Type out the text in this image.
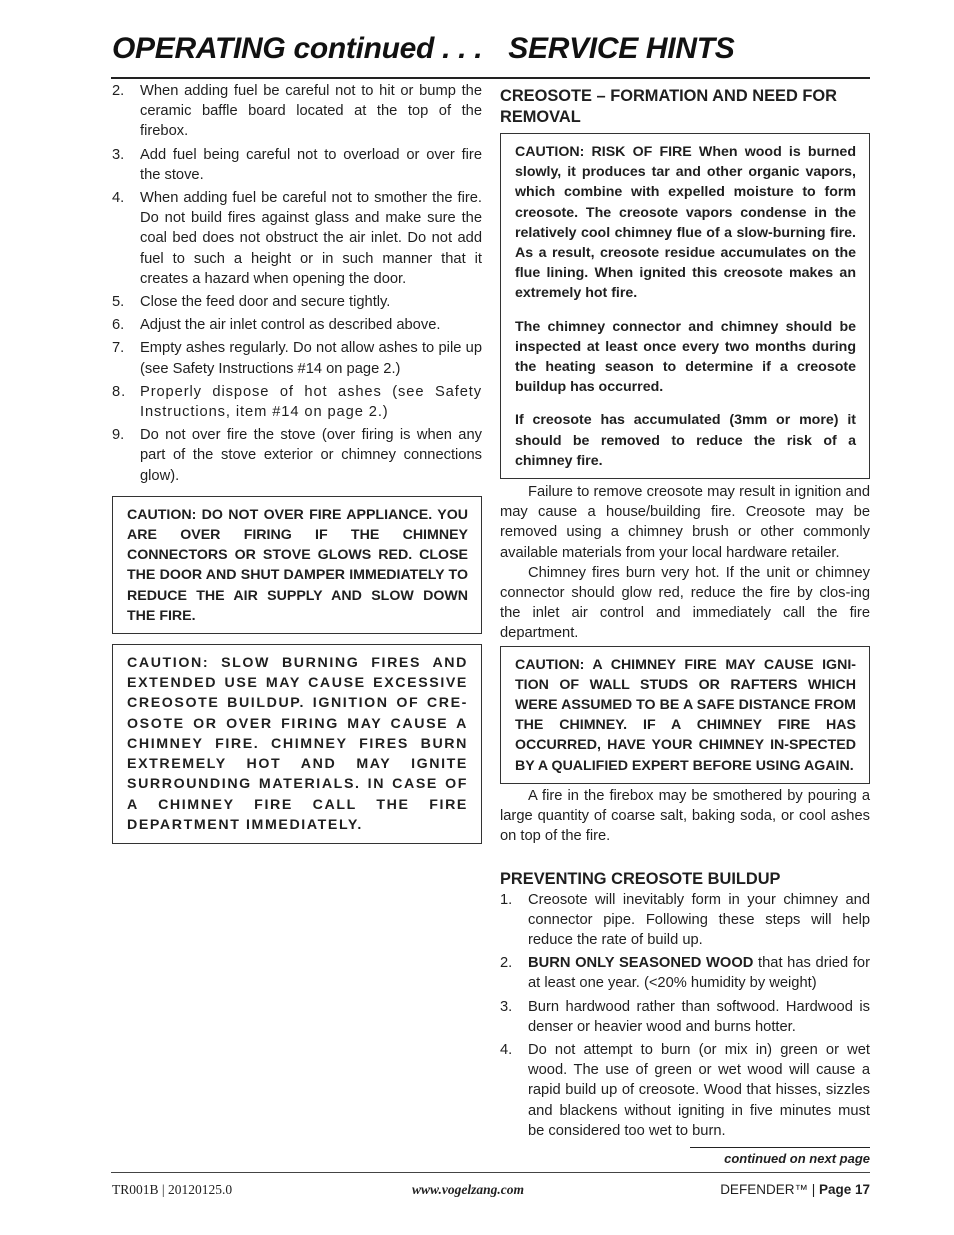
OPERATING continued . . . SERVICE HINTS
2. When adding fuel be careful not to hit or bump the ceramic baffle board located at the top of the firebox.
3. Add fuel being careful not to overload or over fire the stove.
4. When adding fuel be careful not to smother the fire. Do not build fires against glass and make sure the coal bed does not obstruct the air inlet. Do not add fuel to such a height or in such manner that it creates a hazard when opening the door.
5. Close the feed door and secure tightly.
6. Adjust the air inlet control as described above.
7. Empty ashes regularly. Do not allow ashes to pile up (see Safety Instructions #14 on page 2.)
8. Properly dispose of hot ashes (see Safety Instructions, item #14 on page 2.)
9. Do not over fire the stove (over firing is when any part of the stove exterior or chimney connections glow).

CAUTION: DO NOT OVER FIRE APPLIANCE. YOU ARE OVER FIRING IF THE CHIMNEY CONNECTORS OR STOVE GLOWS RED. CLOSE THE DOOR AND SHUT DAMPER IMMEDIATELY TO REDUCE THE AIR SUPPLY AND SLOW DOWN THE FIRE.

CAUTION: SLOW BURNING FIRES AND EXTENDED USE MAY CAUSE EXCESSIVE CREOSOTE BUILDUP. IGNITION OF CRE-OSOTE OR OVER FIRING MAY CAUSE A CHIMNEY FIRE. CHIMNEY FIRES BURN EXTREMELY HOT AND MAY IGNITE SURROUNDING MATERIALS. IN CASE OF A CHIMNEY FIRE CALL THE FIRE DEPARTMENT IMMEDIATELY.

CREOSOTE – FORMATION AND NEED FOR REMOVAL

CAUTION: RISK OF FIRE When wood is burned slowly, it produces tar and other organic vapors, which combine with expelled moisture to form creosote. The creosote vapors condense in the relatively cool chimney flue of a slow-burning fire. As a result, creosote residue accumulates on the flue lining. When ignited this creosote makes an extremely hot fire.

The chimney connector and chimney should be inspected at least once every two months during the heating season to determine if a creosote buildup has occurred.

If creosote has accumulated (3mm or more) it should be removed to reduce the risk of a chimney fire.

Failure to remove creosote may result in ignition and may cause a house/building fire. Creosote may be removed using a chimney brush or other commonly available materials from your local hardware retailer.

Chimney fires burn very hot. If the unit or chimney connector should glow red, reduce the fire by clos-ing the inlet air control and immediately call the fire department.

CAUTION: A CHIMNEY FIRE MAY CAUSE IGNI-TION OF WALL STUDS OR RAFTERS WHICH WERE ASSUMED TO BE A SAFE DISTANCE FROM THE CHIMNEY. IF A CHIMNEY FIRE HAS OCCURRED, HAVE YOUR CHIMNEY IN-SPECTED BY A QUALIFIED EXPERT BEFORE USING AGAIN.

A fire in the firebox may be smothered by pouring a large quantity of coarse salt, baking soda, or cool ashes on top of the fire.

PREVENTING CREOSOTE BUILDUP
1. Creosote will inevitably form in your chimney and connector pipe. Following these steps will help reduce the rate of build up.
2. BURN ONLY SEASONED WOOD that has dried for at least one year. (<20% humidity by weight)
3. Burn hardwood rather than softwood. Hardwood is denser or heavier wood and burns hotter.
4. Do not attempt to burn (or mix in) green or wet wood. The use of green or wet wood will cause a rapid build up of creosote. Wood that hisses, sizzles and blackens without igniting in five minutes must be considered too wet to burn.
continued on next page
TR001B | 20120125.0	www.vogelzang.com	DEFENDER™ | Page 17
